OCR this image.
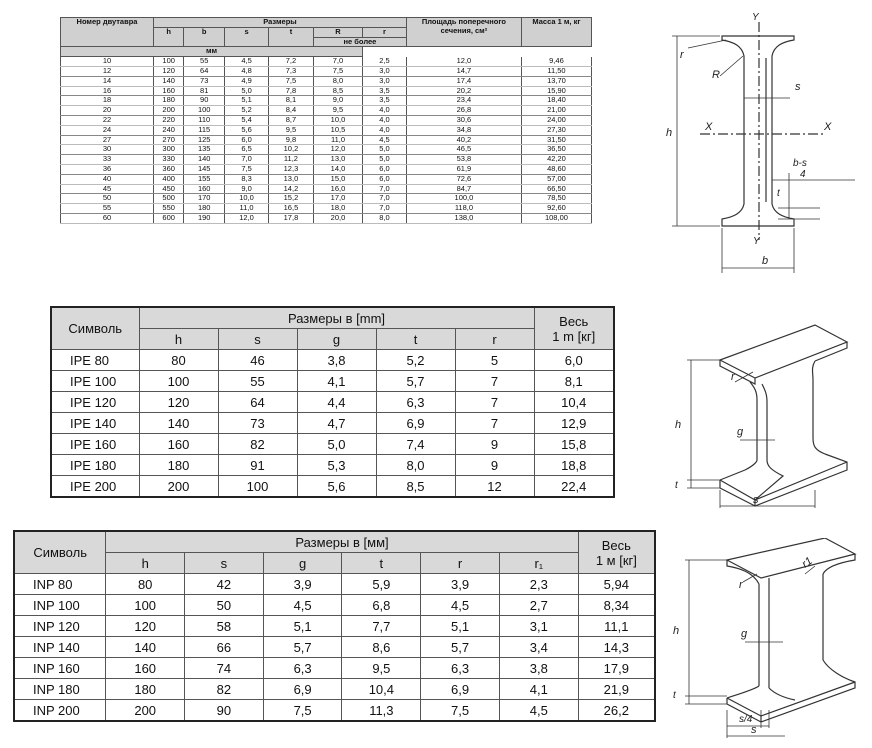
Номер двутавра	Размеры						Площадь поперечного сечения, см²	Масса 1 м, кг
	h	b	s	t	R	r		
					не более			
мм								
10	100	55	4,5	7,2	7,0	2,5	12,0	9,46
12	120	64	4,8	7,3	7,5	3,0	14,7	11,50
14	140	73	4,9	7,5	8,0	3,0	17,4	13,70
16	160	81	5,0	7,8	8,5	3,5	20,2	15,90
18	180	90	5,1	8,1	9,0	3,5	23,4	18,40
20	200	100	5,2	8,4	9,5	4,0	26,8	21,00
22	220	110	5,4	8,7	10,0	4,0	30,6	24,00
24	240	115	5,6	9,5	10,5	4,0	34,8	27,30
27	270	125	6,0	9,8	11,0	4,5	40,2	31,50
30	300	135	6,5	10,2	12,0	5,0	46,5	36,50
33	330	140	7,0	11,2	13,0	5,0	53,8	42,20
36	360	145	7,5	12,3	14,0	6,0	61,9	48,60
40	400	155	8,3	13,0	15,0	6,0	72,6	57,00
45	450	160	9,0	14,2	16,0	7,0	84,7	66,50
50	500	170	10,0	15,2	17,0	7,0	100,0	78,50
55	550	180	11,0	16,5	18,0	7,0	118,0	92,60
60	600	190	12,0	17,8	20,0	8,0	138,0	108,00
Символь	Размеры в [mm]					Весь
1 m [кг]
	h	s	g	t	r	
IPE 80	80	46	3,8	5,2	5	6,0
IPE 100	100	55	4,1	5,7	7	8,1
IPE 120	120	64	4,4	6,3	7	10,4
IPE 140	140	73	4,7	6,9	7	12,9
IPE 160	160	82	5,0	7,4	9	15,8
IPE 180	180	91	5,3	8,0	9	18,8
IPE 200	200	100	5,6	8,5	12	22,4
Символь	Размеры в [мм]						Весь
1 м [кг]
	h	s	g	t	r	r₁	
INP 80	80	42	3,9	5,9	3,9	2,3	5,94
INP 100	100	50	4,5	6,8	4,5	2,7	8,34
INP 120	120	58	5,1	7,7	5,1	3,1	11,1
INP 140	140	66	5,7	8,6	5,7	3,4	14,3
INP 160	160	74	6,3	9,5	6,3	3,8	17,9
INP 180	180	82	6,9	10,4	6,9	4,1	21,9
INP 200	200	90	7,5	11,3	7,5	4,5	26,2
Y
Y
r
R
s
h	X	X
b-s
4
t
b
r
h
g
t
s
r
r1
h	g
t
s/4
s
